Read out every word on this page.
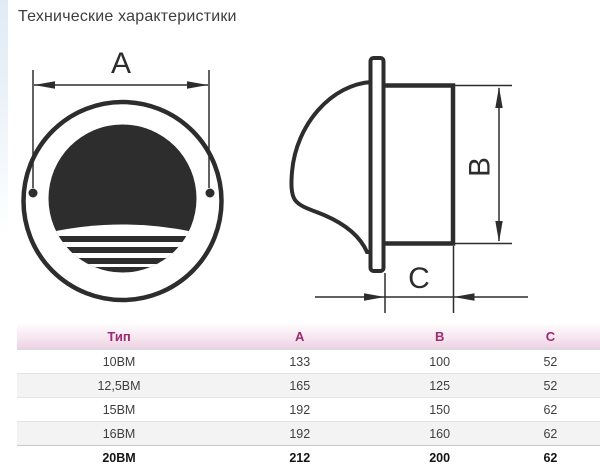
Технические характеристики
A
B
C
Тип	A	B	C
10ВМ	133	100	52
12,5ВМ	165	125	52
15ВМ	192	150	62
16ВМ	192	160	62
20ВМ	212	200	62
